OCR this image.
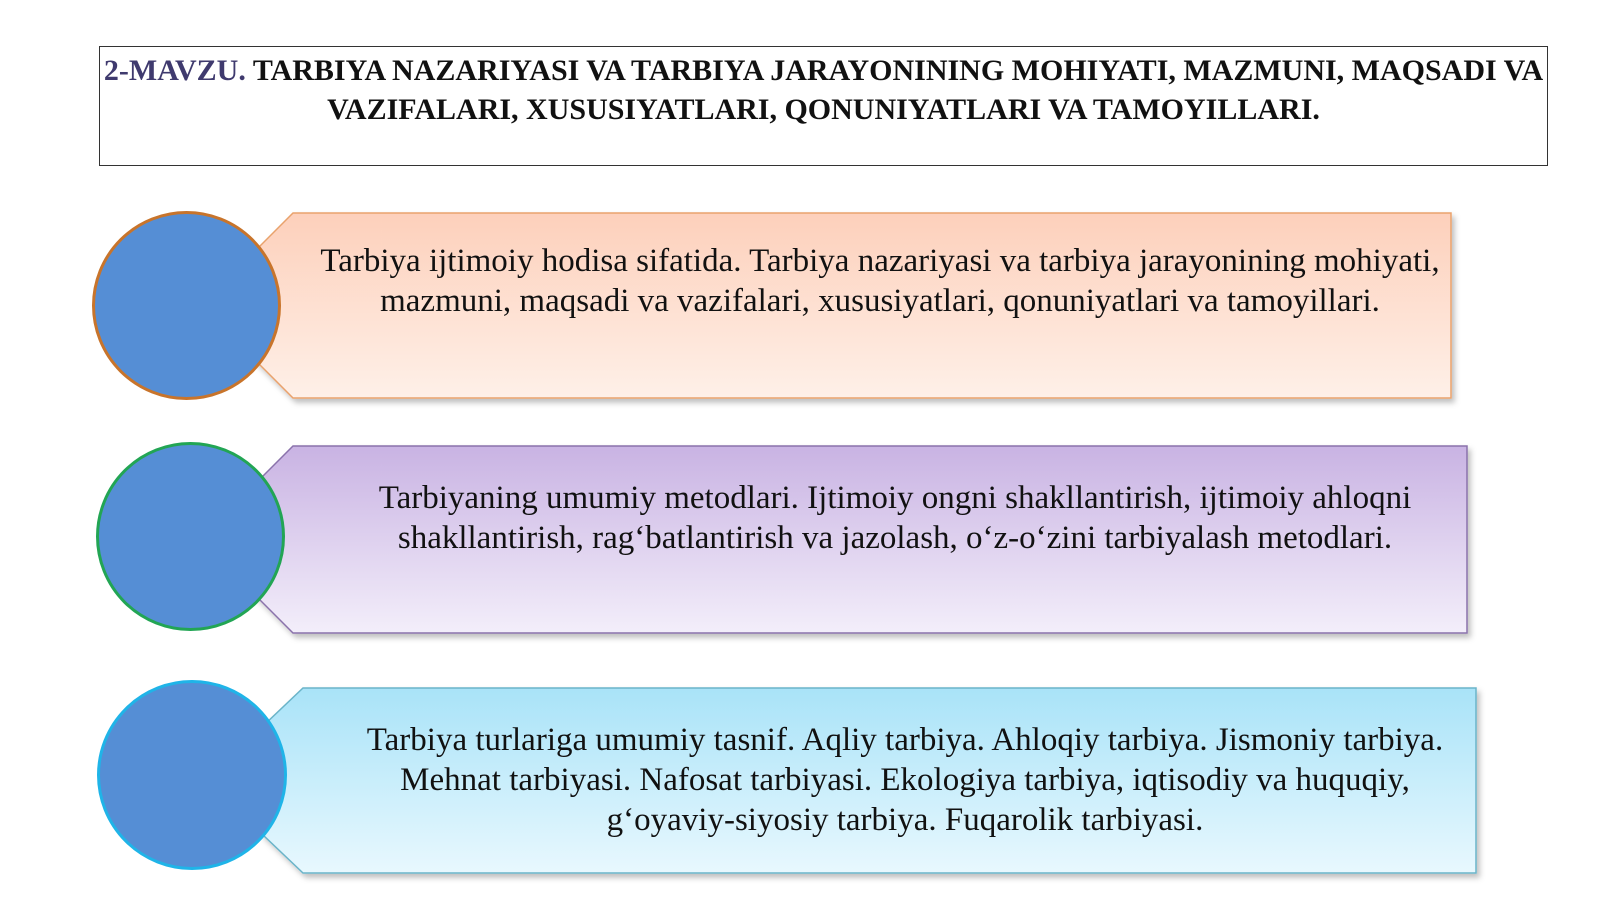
2-MAVZU. TARBIYA NAZARIYASI VA TARBIYA JARAYONINING MOHIYATI, MAZMUNI, MAQSADI VA VAZIFALARI, XUSUSIYATLARI, QONUNIYATLARI VA TAMOYILLARI.
Tarbiya ijtimoiy hodisa sifatida. Tarbiya nazariyasi va tarbiya jarayonining mohiyati, mazmuni, maqsadi va vazifalari, xususiyatlari, qonuniyatlari va tamoyillari.
Tarbiyaning umumiy metodlari. Ijtimoiy ongni shakllantirish, ijtimoiy ahloqni shakllantirish, rag‘batlantirish va jazolash, o‘z-o‘zini tarbiyalash metodlari.
Tarbiya turlariga umumiy tasnif. Aqliy tarbiya. Ahloqiy tarbiya. Jismoniy tarbiya. Mehnat tarbiyasi. Nafosat tarbiyasi. Ekologiya tarbiya, iqtisodiy va huquqiy, g‘oyaviy-siyosiy tarbiya. Fuqarolik tarbiyasi.
